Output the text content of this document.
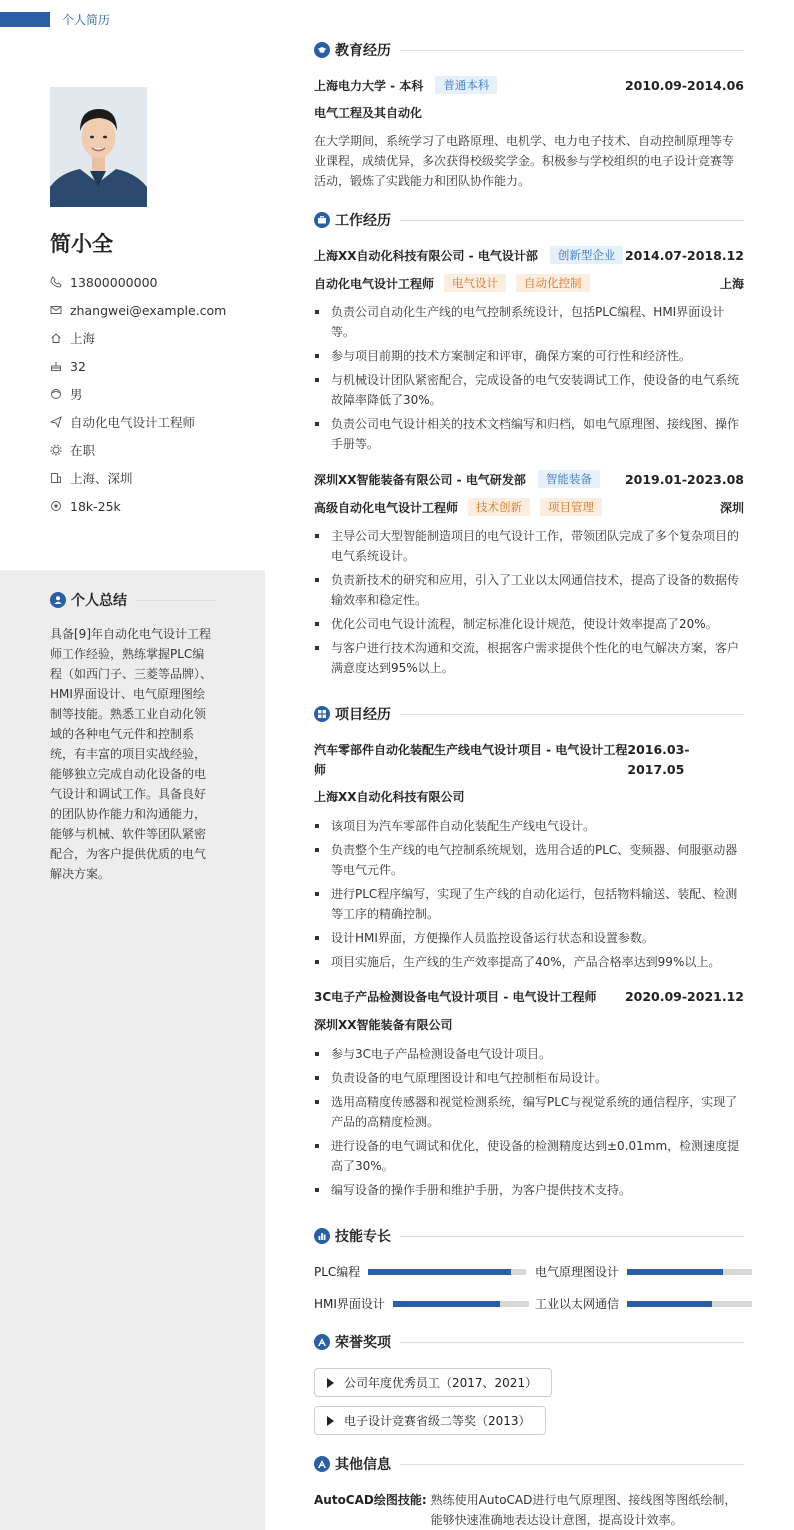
个人简历
简小全
13800000000
zhangwei@example.com
上海
32
男
自动化电气设计工程师
在职
上海、深圳
18k-25k
个人总结
具备[9]年自动化电气设计工程师工作经验，熟练掌握PLC编程（如西门子、三菱等品牌）、HMI界面设计、电气原理图绘制等技能。熟悉工业自动化领域的各种电气元件和控制系统，有丰富的项目实战经验，能够独立完成自动化设备的电气设计和调试工作。具备良好的团队协作能力和沟通能力，能够与机械、软件等团队紧密配合，为客户提供优质的电气解决方案。
教育经历
上海电力大学 - 本科	普通本科	2010.09-2014.06
电气工程及其自动化
在大学期间，系统学习了电路原理、电机学、电力电子技术、自动控制原理等专业课程，成绩优异，多次获得校级奖学金。积极参与学校组织的电子设计竞赛等活动，锻炼了实践能力和团队协作能力。
工作经历
上海XX自动化科技有限公司 - 电气设计部	创新型企业 2014.07-2018.12
自动化电气设计工程师	电气设计	自动化控制	上海
负责公司自动化生产线的电气控制系统设计，包括PLC编程、HMI界面设计等。
参与项目前期的技术方案制定和评审，确保方案的可行性和经济性。
与机械设计团队紧密配合，完成设备的电气安装调试工作，使设备的电气系统故障率降低了30%。
负责公司电气设计相关的技术文档编写和归档，如电气原理图、接线图、操作手册等。
深圳XX智能装备有限公司 - 电气研发部	智能装备	2019.01-2023.08
高级自动化电气设计工程师	技术创新	项目管理	深圳
主导公司大型智能制造项目的电气设计工作，带领团队完成了多个复杂项目的电气系统设计。
负责新技术的研究和应用，引入了工业以太网通信技术，提高了设备的数据传输效率和稳定性。
优化公司电气设计流程，制定标准化设计规范，使设计效率提高了20%。
与客户进行技术沟通和交流，根据客户需求提供个性化的电气解决方案，客户满意度达到95%以上。
项目经历
汽车零部件自动化装配生产线电气设计项目 - 电气设计工程师
2016.03-2017.05
上海XX自动化科技有限公司
该项目为汽车零部件自动化装配生产线电气设计。
负责整个生产线的电气控制系统规划，选用合适的PLC、变频器、伺服驱动器等电气元件。
进行PLC程序编写，实现了生产线的自动化运行，包括物料输送、装配、检测等工序的精确控制。
设计HMI界面，方便操作人员监控设备运行状态和设置参数。
项目实施后，生产线的生产效率提高了40%，产品合格率达到99%以上。
3C电子产品检测设备电气设计项目 - 电气设计工程师 2020.09-2021.12
深圳XX智能装备有限公司
参与3C电子产品检测设备电气设计项目。
负责设备的电气原理图设计和电气控制柜布局设计。
选用高精度传感器和视觉检测系统，编写PLC与视觉系统的通信程序，实现了产品的高精度检测。
进行设备的电气调试和优化，使设备的检测精度达到±0.01mm，检测速度提高了30%。
编写设备的操作手册和维护手册，为客户提供技术支持。
技能专长
PLC编程	电气原理图设计
HMI界面设计	工业以太网通信
荣誉奖项
公司年度优秀员工（2017、2021）
电子设计竞赛省级二等奖（2013）
其他信息
AutoCAD绘图技能: 熟练使用AutoCAD进行电气原理图、接线图等图纸绘制，能够快速准确地表达设计意图，提高设计效率。
